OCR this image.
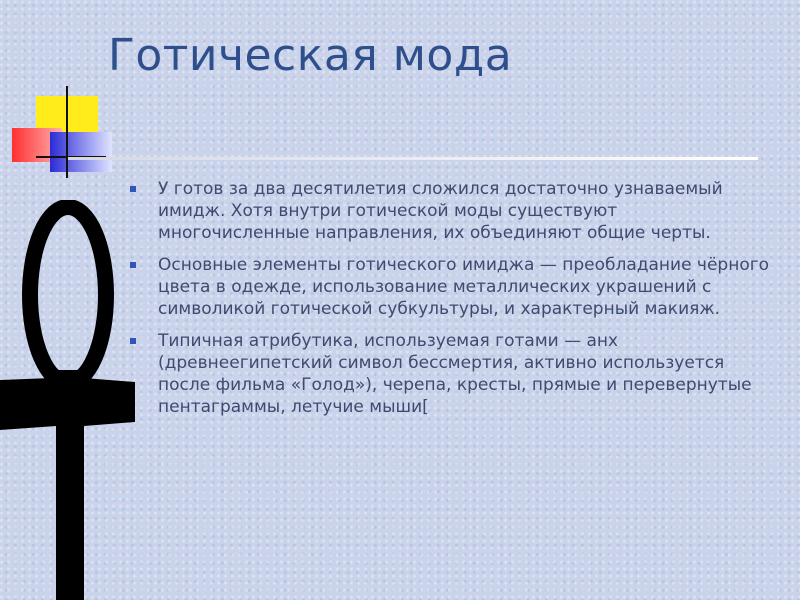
Готическая мода
У готов за два десятилетия сложился достаточно узнаваемый имидж. Хотя внутри готической моды существуют многочисленные направления, их объединяют общие черты.
Основные элементы готического имиджа — преобладание чёрного цвета в одежде, использование металлических украшений с символикой готической субкультуры, и характерный макияж.
Типичная атрибутика, используемая готами — анх (древнеегипетский символ бессмертия, активно используется после фильма «Голод»), черепа, кресты, прямые и перевернутые пентаграммы, летучие мыши[
